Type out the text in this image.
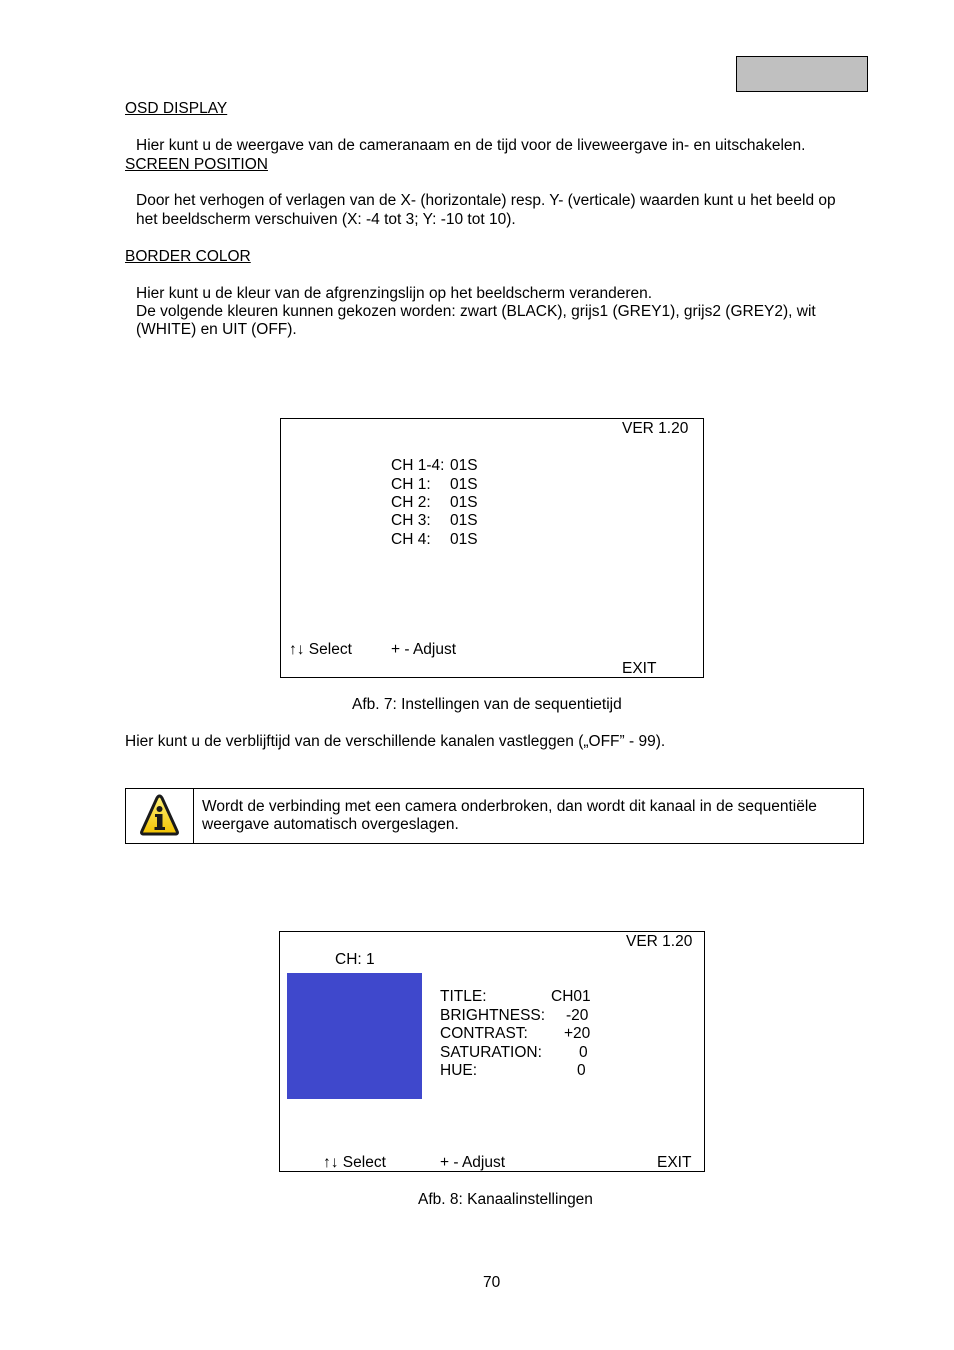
OSD DISPLAY
Hier kunt u de weergave van de cameranaam en de tijd voor de liveweergave in- en uitschakelen.
SCREEN POSITION
Door het verhogen of verlagen van de X- (horizontale) resp. Y- (verticale) waarden kunt u het beeld op
het beeldscherm verschuiven (X: -4 tot 3; Y: -10 tot 10).
BORDER COLOR
Hier kunt u de kleur van de afgrenzingslijn op het beeldscherm veranderen.
De volgende kleuren kunnen gekozen worden: zwart (BLACK), grijs1 (GREY1), grijs2 (GREY2), wit
(WHITE) en UIT (OFF).
VER 1.20
CH 1-4: 01S
CH 1: 01S
CH 2: 01S
CH 3: 01S
CH 4: 01S
↑↓ Select	+ - Adjust
EXIT
Afb. 7: Instellingen van de sequentietijd
Hier kunt u de verblijftijd van de verschillende kanalen vastleggen („OFF” - 99).
Wordt de verbinding met een camera onderbroken, dan wordt dit kanaal in de sequentiële
weergave automatisch overgeslagen.
VER 1.20
CH: 1
TITLE:	CH01
BRIGHTNESS: -20
CONTRAST: +20
SATURATION: 0
HUE:	0
↑↓ Select	+ - Adjust	EXIT
Afb. 8: Kanaalinstellingen
70
